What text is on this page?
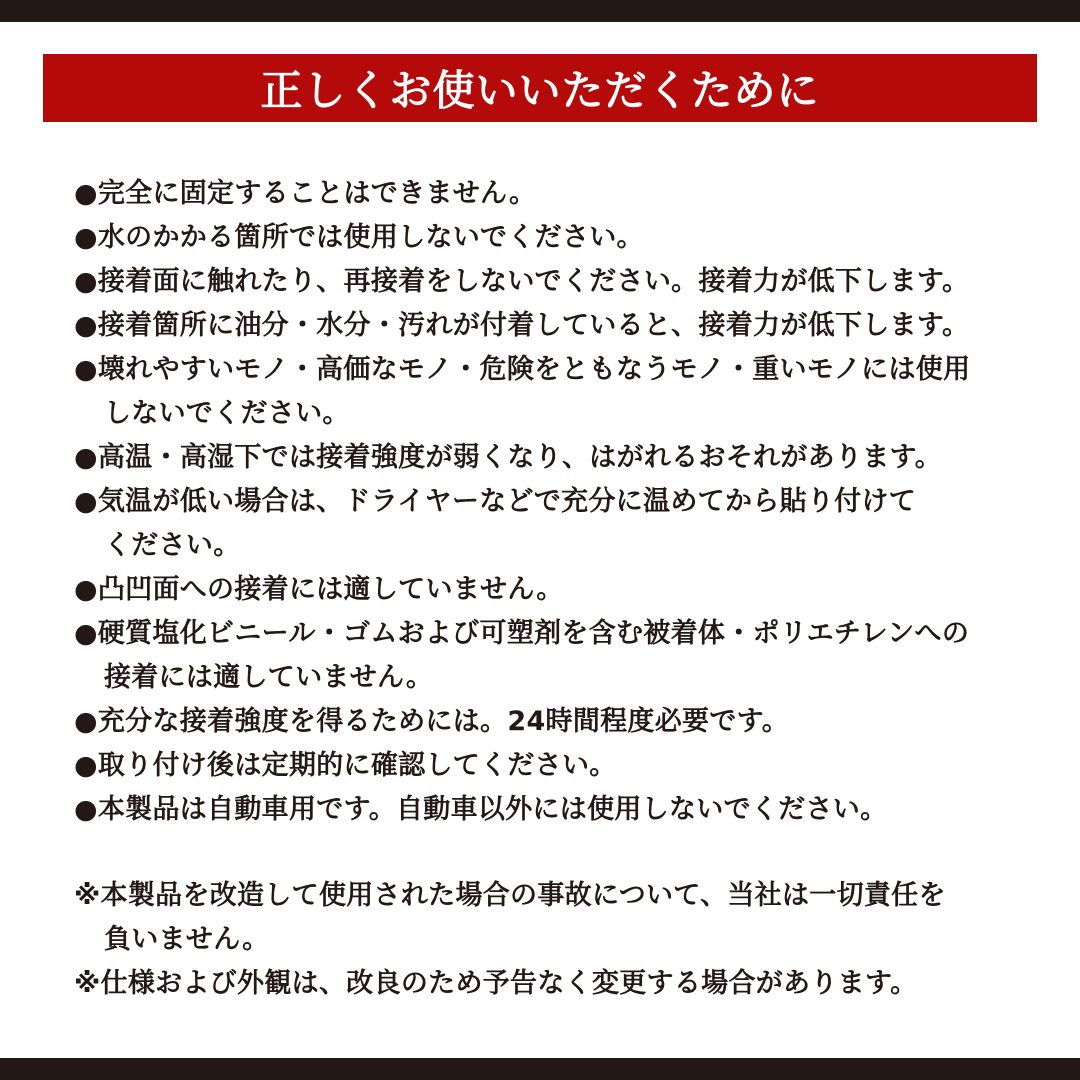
正しくお使いいただくために
●完全に固定することはできません。
●水のかかる箇所では使用しないでください。
●接着面に触れたり、再接着をしないでください。接着力が低下します。
●接着箇所に油分・水分・汚れが付着していると、接着力が低下します。
●壊れやすいモノ・高価なモノ・危険をともなうモノ・重いモノには使用
しないでください。
●高温・高湿下では接着強度が弱くなり、はがれるおそれがあります。
●気温が低い場合は、ドライヤーなどで充分に温めてから貼り付けて
ください。
●凸凹面への接着には適していません。
●硬質塩化ビニール・ゴムおよび可塑剤を含む被着体・ポリエチレンへの
接着には適していません。
●充分な接着強度を得るためには。24時間程度必要です。
●取り付け後は定期的に確認してください。
●本製品は自動車用です。自動車以外には使用しないでください。
※本製品を改造して使用された場合の事故について、当社は一切責任を
負いません。
※仕様および外観は、改良のため予告なく変更する場合があります。
